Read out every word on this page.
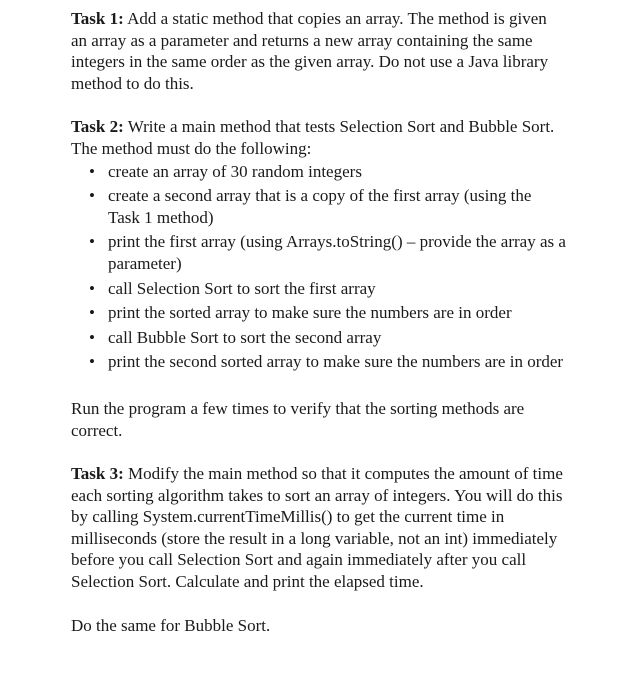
Task 1: Add a static method that copies an array. The method is given an array as a parameter and returns a new array containing the same integers in the same order as the given array. Do not use a Java library method to do this.

Task 2: Write a main method that tests Selection Sort and Bubble Sort. The method must do the following:

• create an array of 30 random integers
• create a second array that is a copy of the first array (using the Task 1 method)
• print the first array (using Arrays.toString() – provide the array as a parameter)
• call Selection Sort to sort the first array
• print the sorted array to make sure the numbers are in order
• call Bubble Sort to sort the second array
• print the second sorted array to make sure the numbers are in order

Run the program a few times to verify that the sorting methods are correct.

Task 3: Modify the main method so that it computes the amount of time each sorting algorithm takes to sort an array of integers. You will do this by calling System.currentTimeMillis() to get the current time in milliseconds (store the result in a long variable, not an int) immediately before you call Selection Sort and again immediately after you call Selection Sort. Calculate and print the elapsed time.

Do the same for Bubble Sort.
